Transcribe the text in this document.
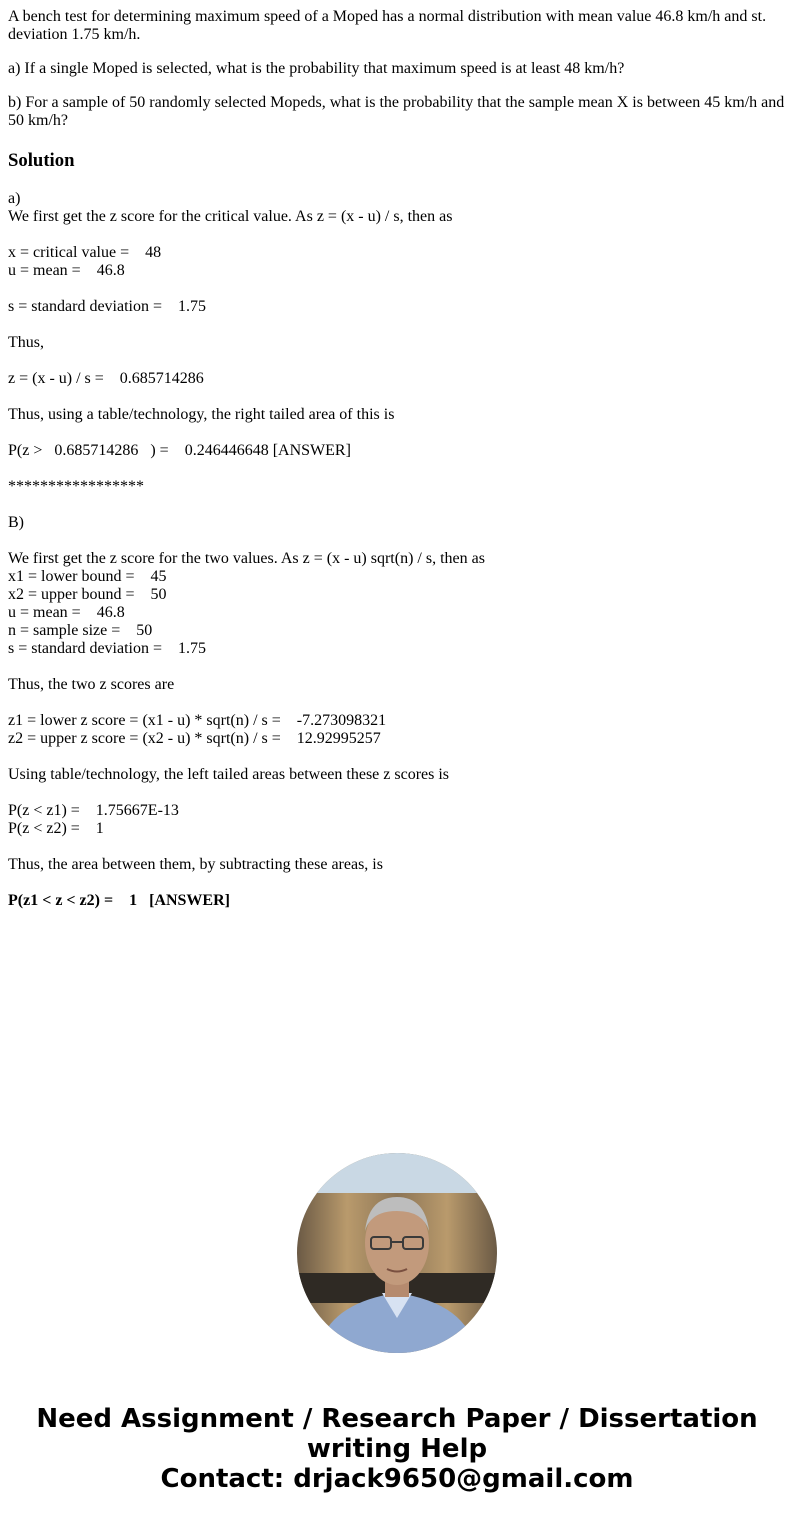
A bench test for determining maximum speed of a Moped has a normal distribution with mean value 46.8 km/h and st. deviation 1.75 km/h.

a) If a single Moped is selected, what is the probability that maximum speed is at least 48 km/h?

b) For a sample of 50 randomly selected Mopeds, what is the probability that the sample mean X is between 45 km/h and 50 km/h?

Solution
a)
We first get the z score for the critical value. As z = (x - u) / s, then as
x = critical value =    48
u = mean =    46.8
s = standard deviation =    1.75
Thus,
z = (x - u) / s =    0.685714286
Thus, using a table/technology, the right tailed area of this is
P(z >   0.685714286   ) =    0.246446648 [ANSWER]
*****************
B)
We first get the z score for the two values. As z = (x - u) sqrt(n) / s, then as
x1 = lower bound =    45
x2 = upper bound =    50
u = mean =    46.8
n = sample size =    50
s = standard deviation =    1.75
Thus, the two z scores are
z1 = lower z score = (x1 - u) * sqrt(n) / s =    -7.273098321
z2 = upper z score = (x2 - u) * sqrt(n) / s =    12.92995257
Using table/technology, the left tailed areas between these z scores is
P(z < z1) =    1.75667E-13
P(z < z2) =    1
Thus, the area between them, by subtracting these areas, is
P(z1 < z < z2) =    1   [ANSWER]
Need Assignment / Research Paper / Dissertation
writing Help
Contact: drjack9650@gmail.com
